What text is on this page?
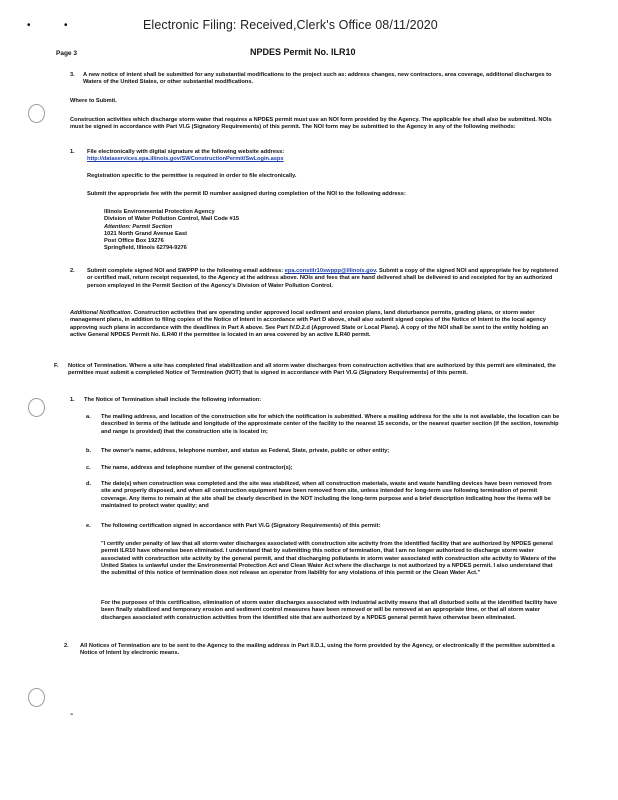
Electronic Filing: Received,Clerk's Office 08/11/2020
•	•
-
Page 3	NPDES Permit No. ILR10
3. A new notice of intent shall be submitted for any substantial modifications to the project such as: address changes, new contractors, area coverage, additional discharges to Waters of the United States, or other substantial modifications.
Where to Submit.
Construction activities which discharge storm water that requires a NPDES permit must use an NOI form provided by the Agency. The applicable fee shall also be submitted. NOIs must be signed in accordance with Part VI.G (Signatory Requirements) of this permit. The NOI form may be submitted to the Agency in any of the following methods:
1. File electronically with digital signature at the following website address:
http://dataservices.epa.illinois.gov/SWConstructionPermit/SwLogin.aspx
Registration specific to the permittee is required in order to file electronically.
Submit the appropriate fee with the permit ID number assigned during completion of the NOI to the following address:
Illinois Environmental Protection Agency
Division of Water Pollution Control, Mail Code #15
Attention: Permit Section
1021 North Grand Avenue East
Post Office Box 19276
Springfield, Illinois 62794-9276
2. Submit complete signed NOI and SWPPP to the following email address: epa.constilr10swppp@illinois.gov. Submit a copy of the signed NOI and appropriate fee by registered or certified mail, return receipt requested, to the Agency at the address above. NOIs and fees that are hand delivered shall be delivered to and receipted for by an authorized person employed in the Permit Section of the Agency's Division of Water Pollution Control.
Additional Notification. Construction activities that are operating under approved local sediment and erosion plans, land disturbance permits, grading plans, or storm water management plans, in addition to filing copies of the Notice of Intent in accordance with Part D above, shall also submit signed copies of the Notice of Intent to the local agency approving such plans in accordance with the deadlines in Part A above. See Part IV.D.2.d (Approved State or Local Plans). A copy of the NOI shall be sent to the entity holding an active General NPDES Permit No. ILR40 if the permittee is located in an area covered by an active ILR40 permit.
F. Notice of Termination. Where a site has completed final stabilization and all storm water discharges from construction activities that are authorized by this permit are eliminated, the permittee must submit a completed Notice of Termination (NOT) that is signed in accordance with Part VI.G (Signatory Requirements) of this permit.
1. The Notice of Termination shall include the following information:
a. The mailing address, and location of the construction site for which the notification is submitted. Where a mailing address for the site is not available, the location can be described in terms of the latitude and longitude of the approximate center of the facility to the nearest 15 seconds, or the nearest quarter section (if the section, township and range is provided) that the construction site is located in;
b. The owner's name, address, telephone number, and status as Federal, State, private, public or other entity;
c. The name, address and telephone number of the general contractor(s);
d. The date(s) when construction was completed and the site was stabilized, when all construction materials, waste and waste handling devices have been removed from site and properly disposed, and when all construction equipment have been removed from site, unless intended for long-term use following termination of permit coverage. Any items to remain at the site shall be clearly described in the NOT including the long-term purpose and a brief description indicating how the items will be maintained to protect water quality; and
e. The following certification signed in accordance with Part VI.G (Signatory Requirements) of this permit:
"I certify under penalty of law that all storm water discharges associated with construction site activity from the identified facility that are authorized by NPDES general permit ILR10 have otherwise been eliminated. I understand that by submitting this notice of termination, that I am no longer authorized to discharge storm water associated with construction site activity by the general permit, and that discharging pollutants in storm water associated with construction site activity to Waters of the United States is unlawful under the Environmental Protection Act and Clean Water Act where the discharge is not authorized by a NPDES permit. I also understand that the submittal of this notice of termination does not release an operator from liability for any violations of this permit or the Clean Water Act."
For the purposes of this certification, elimination of storm water discharges associated with industrial activity means that all disturbed soils at the identified facility have been finally stabilized and temporary erosion and sediment control measures have been removed or will be removed at an appropriate time, or that all storm water discharges associated with construction activities from the identified site that are authorized by a NPDES general permit have otherwise been eliminated.
2. All Notices of Termination are to be sent to the Agency to the mailing address in Part II.D.1, using the form provided by the Agency, or electronically if the permittee submitted a Notice of Intent by electronic means.
